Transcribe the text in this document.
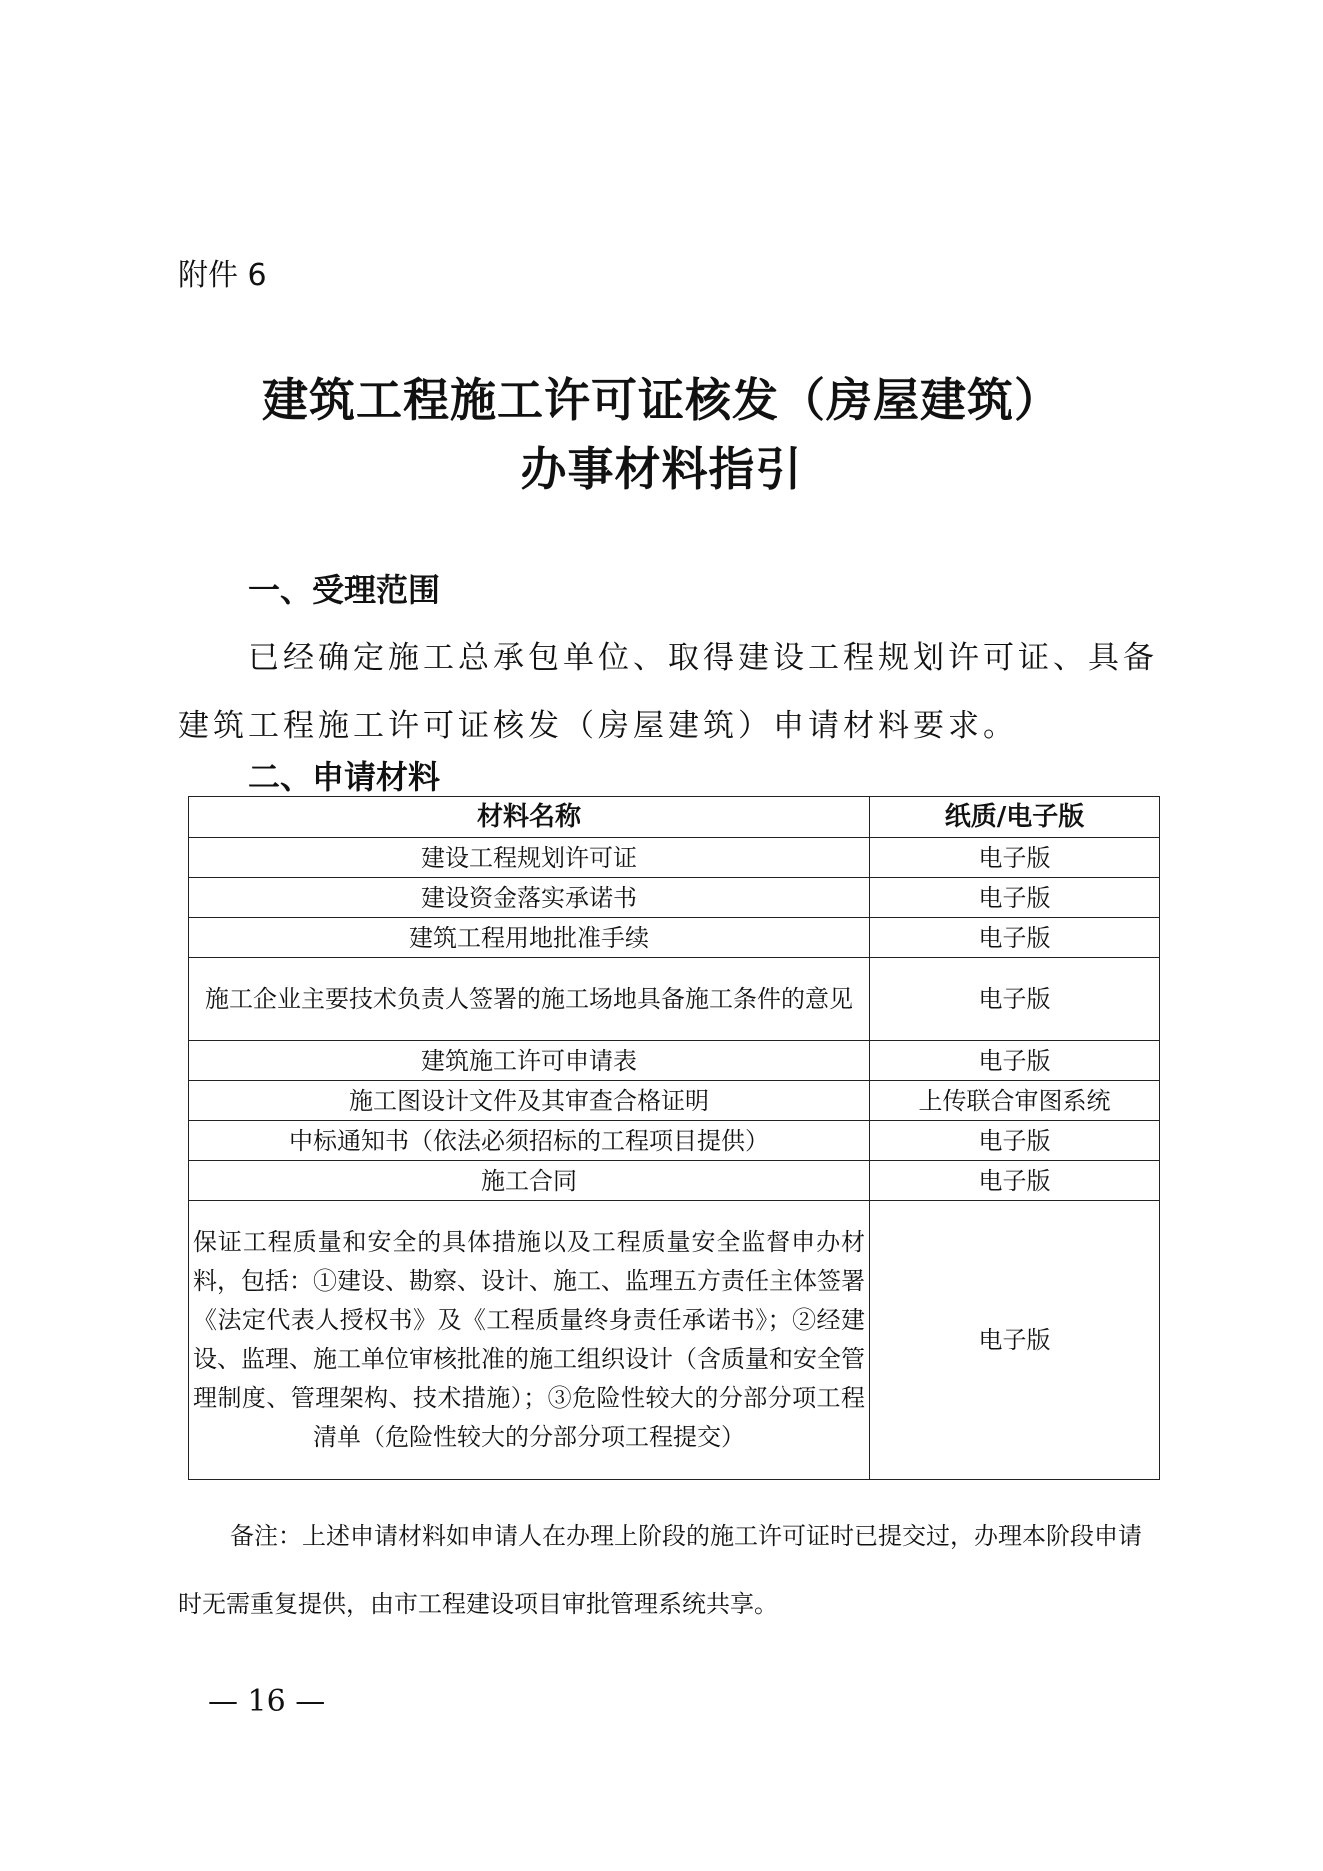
附件 6
建筑工程施工许可证核发（房屋建筑）
办事材料指引
一、受理范围
已经确定施工总承包单位、取得建设工程规划许可证、具备建筑工程施工许可证核发（房屋建筑）申请材料要求。
二、申请材料
材料名称	纸质/电子版
建设工程规划许可证	电子版
建设资金落实承诺书	电子版
建筑工程用地批准手续	电子版
施工企业主要技术负责人签署的施工场地具备施工条件的意见	电子版
建筑施工许可申请表	电子版
施工图设计文件及其审查合格证明	上传联合审图系统
中标通知书（依法必须招标的工程项目提供）	电子版
施工合同	电子版
保证工程质量和安全的具体措施以及工程质量安全监督申办材料，包括：①建设、勘察、设计、施工、监理五方责任主体签署《法定代表人授权书》及《工程质量终身责任承诺书》；②经建设、监理、施工单位审核批准的施工组织设计（含质量和安全管理制度、管理架构、技术措施）；③危险性较大的分部分项工程清单（危险性较大的分部分项工程提交）	电子版
备注：上述申请材料如申请人在办理上阶段的施工许可证时已提交过，办理本阶段申请时无需重复提供，由市工程建设项目审批管理系统共享。
— 16 —
